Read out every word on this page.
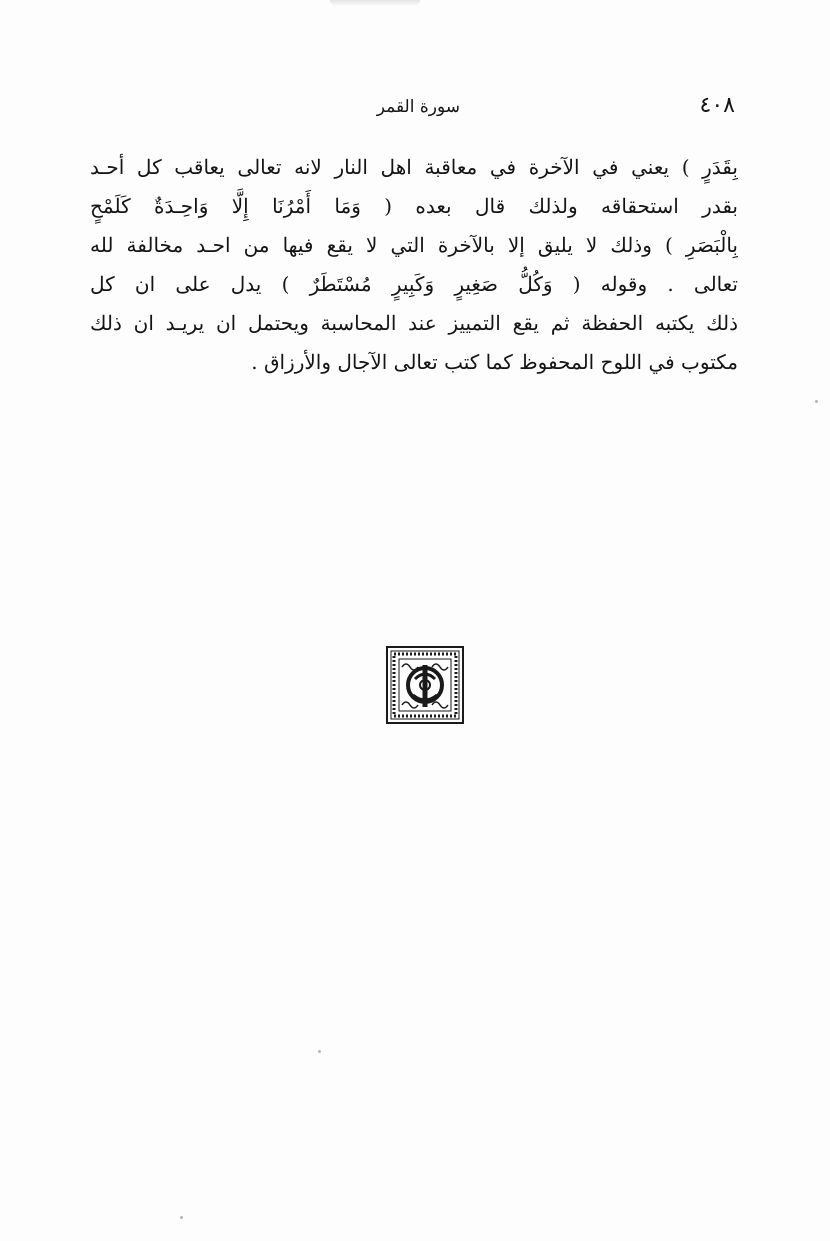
٤٠٨
سورة القمر
بِقَدَرٍ ) يعني في الآخرة في معاقبة اهل النار لانه تعالى يعاقب كل أحـد
بقدر استحقاقه ولذلك قال بعده ( وَمَا أَمْرُنَا إِلَّا وَاحِـدَةٌ كَلَمْحٍ
بِالْبَصَرِ ) وذلك لا يليق إلا بالآخرة التي لا يقع فيها من احـد مخالفة لله
تعالى . وقوله ( وَكُلُّ صَغِيرٍ وَكَبِيرٍ مُسْتَطَرٌ ) يدل على ان كل
ذلك يكتبه الحفظة ثم يقع التمييز عند المحاسبة ويحتمل ان يريـد ان ذلك
مكتوب في اللوح المحفوظ كما كتب تعالى الآجال والأرزاق .
